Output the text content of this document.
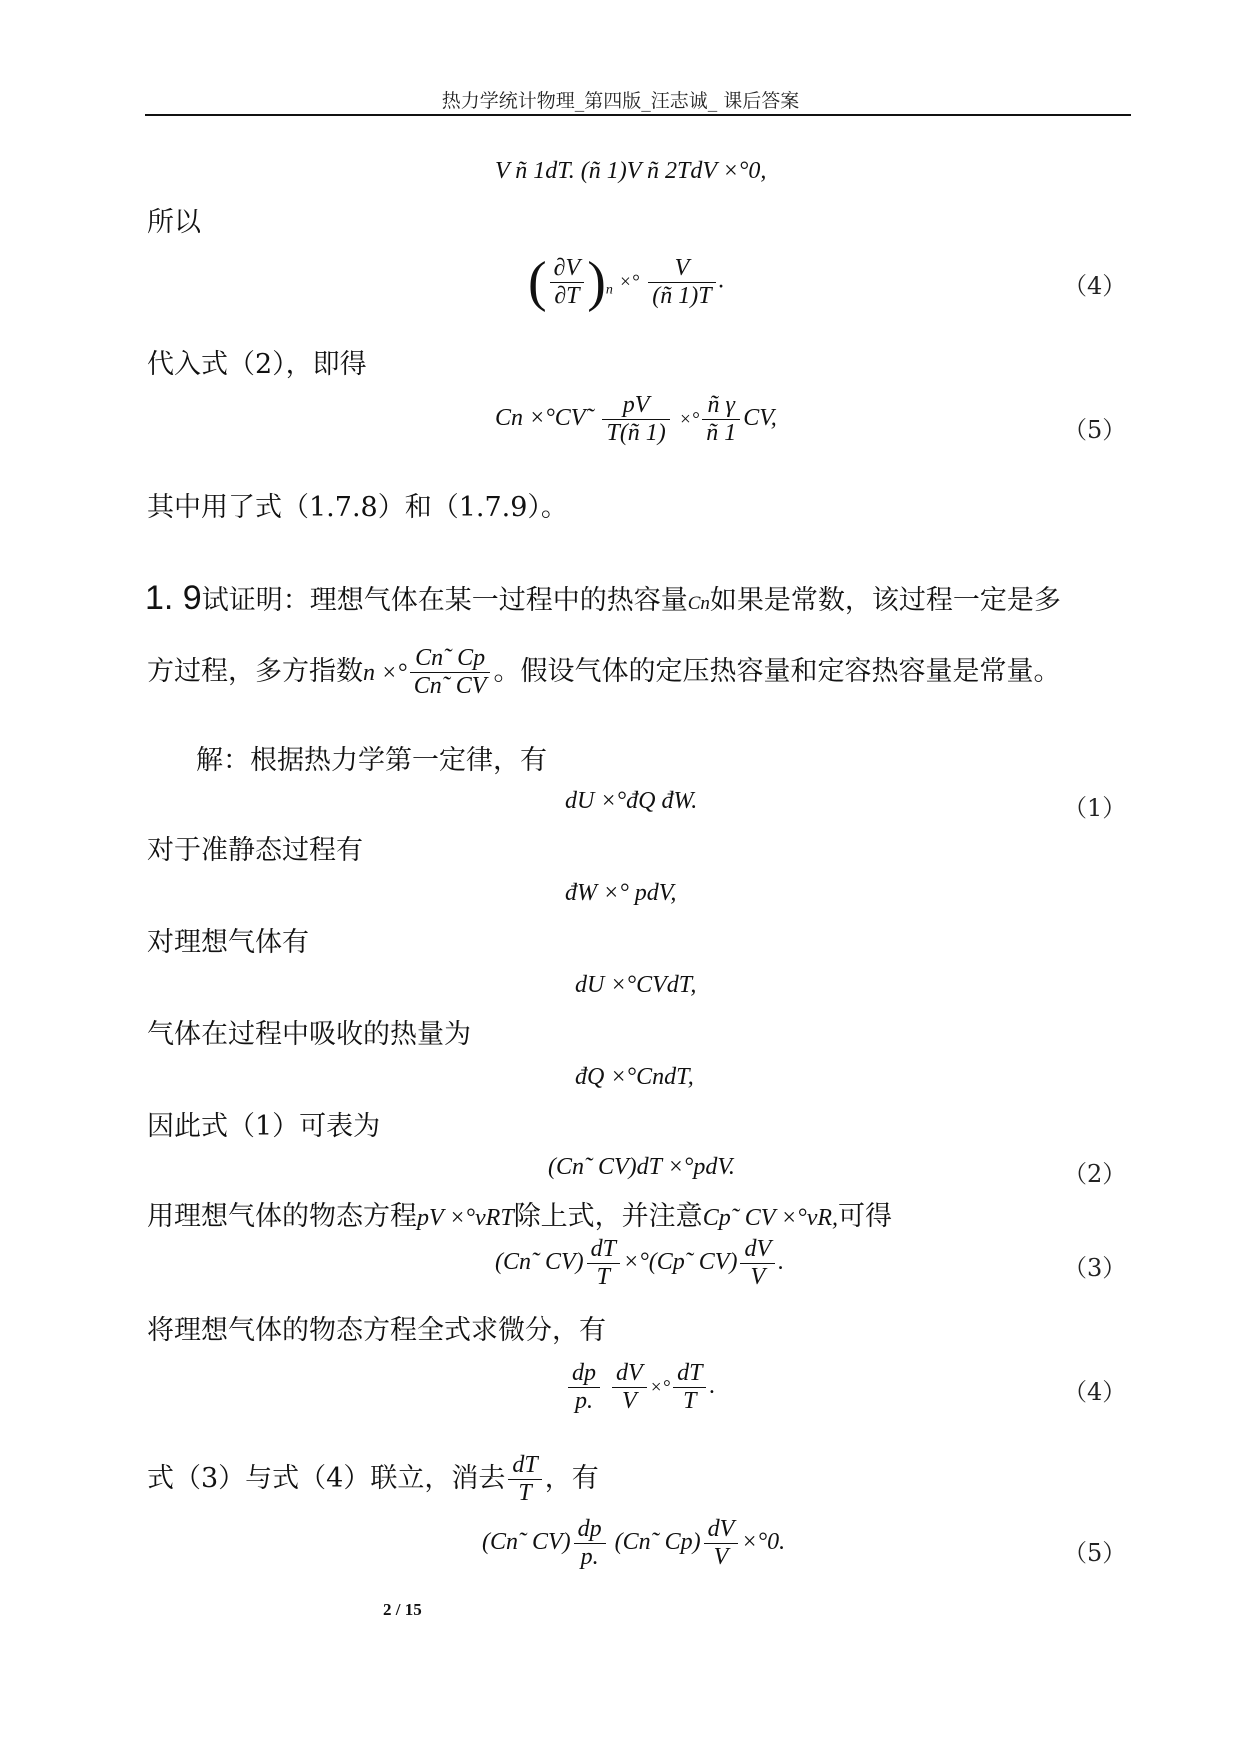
热力学统计物理_第四版_汪志诚_ 课后答案
V ñ 1dT. (ñ 1)V ñ 2TdV ×°0,
所以
( $\frac{\partial V}{\partial T} )_n$ ×° $\frac{V}{(ñ 1)T}$ .	（4）
代入式（2），即得
Cn ×°CV˜ $\frac{pV}{T(ñ 1)}$ ×° $\frac{\text{ñ γ}}{ñ 1}$ CV,	（5）
其中用了式（1.7.8）和（1.7.9）。
1. 9试证明：理想气体在某一过程中的热容量Cn如果是常数，该过程一定是多
方过程，多方指数n ×° $\frac{Cn˜ Cp}{Cn˜ CV}$ 。假设气体的定压热容量和定容热容量是常量。
解：根据热力学第一定律，有
dU ×°đQ đW.	（1）
对于准静态过程有
đW ×° pdV,
对理想气体有
dU ×°CVdT,
气体在过程中吸收的热量为
đQ ×°CndT,
因此式（1）可表为
(Cn˜ CV)dT ×°pdV.	（2）
用理想气体的物态方程pV ×°vRT除上式，并注意Cp˜ CV ×°vR,可得
(Cn˜ $CV) \frac{dT}{T}$ ×°(Cp˜ $CV) \frac{dV}{V}$ .	（3）
将理想气体的物态方程全式求微分，有
$\frac{dp}{p.}$
$\frac{dV}{V}$ ×° $\frac{dT}{T}$ .	（4）
式（3）与式（4）联立，消去 $\frac{dT}{T}$ ，有
(Cn˜ $CV) \frac{dp}{p.}$ (Cn˜ $Cp) \frac{dV}{V} \times^\circ 0$.	（5）
2 / 15
